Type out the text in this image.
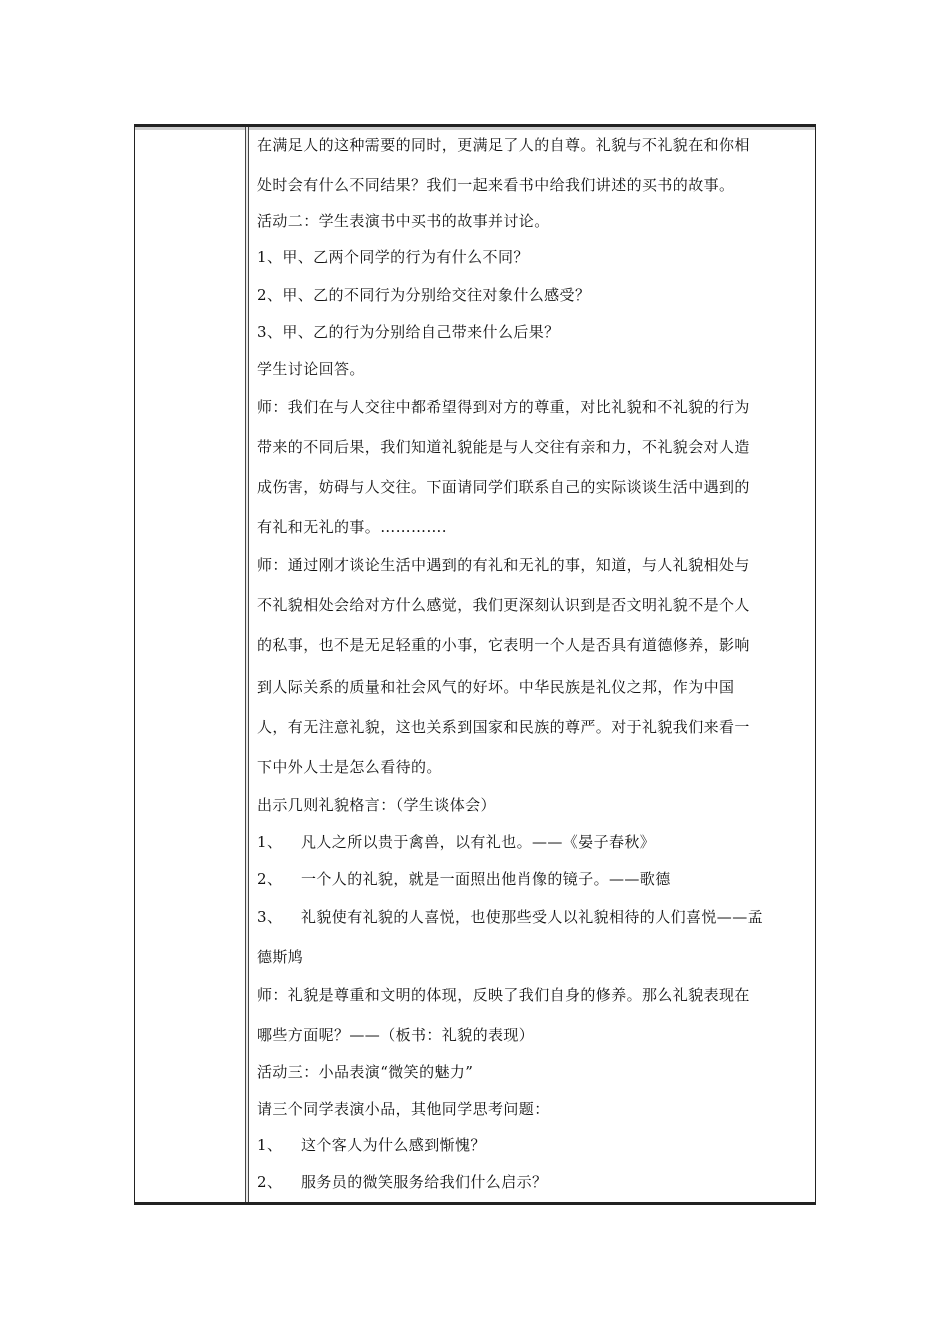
在满足人的这种需要的同时，更满足了人的自尊。礼貌与不礼貌在和你相
处时会有什么不同结果？我们一起来看书中给我们讲述的买书的故事。
活动二：学生表演书中买书的故事并讨论。
1、甲、乙两个同学的行为有什么不同？
2、甲、乙的不同行为分别给交往对象什么感受？
3、甲、乙的行为分别给自己带来什么后果？
学生讨论回答。
师：我们在与人交往中都希望得到对方的尊重，对比礼貌和不礼貌的行为
带来的不同后果，我们知道礼貌能是与人交往有亲和力，不礼貌会对人造
成伤害，妨碍与人交往。下面请同学们联系自己的实际谈谈生活中遇到的
有礼和无礼的事。………….
师：通过刚才谈论生活中遇到的有礼和无礼的事，知道，与人礼貌相处与
不礼貌相处会给对方什么感觉，我们更深刻认识到是否文明礼貌不是个人
的私事，也不是无足轻重的小事，它表明一个人是否具有道德修养，影响
到人际关系的质量和社会风气的好坏。中华民族是礼仪之邦，作为中国
人，有无注意礼貌，这也关系到国家和民族的尊严。对于礼貌我们来看一
下中外人士是怎么看待的。
出示几则礼貌格言：（学生谈体会）
1、 凡人之所以贵于禽兽，以有礼也。——《晏子春秋》
2、 一个人的礼貌，就是一面照出他肖像的镜子。——歌德
3、 礼貌使有礼貌的人喜悦，也使那些受人以礼貌相待的人们喜悦——孟
德斯鸠
师：礼貌是尊重和文明的体现，反映了我们自身的修养。那么礼貌表现在
哪些方面呢？——（板书：礼貌的表现）
活动三：小品表演“微笑的魅力”
请三个同学表演小品，其他同学思考问题：
1、 这个客人为什么感到惭愧？
2、 服务员的微笑服务给我们什么启示？
